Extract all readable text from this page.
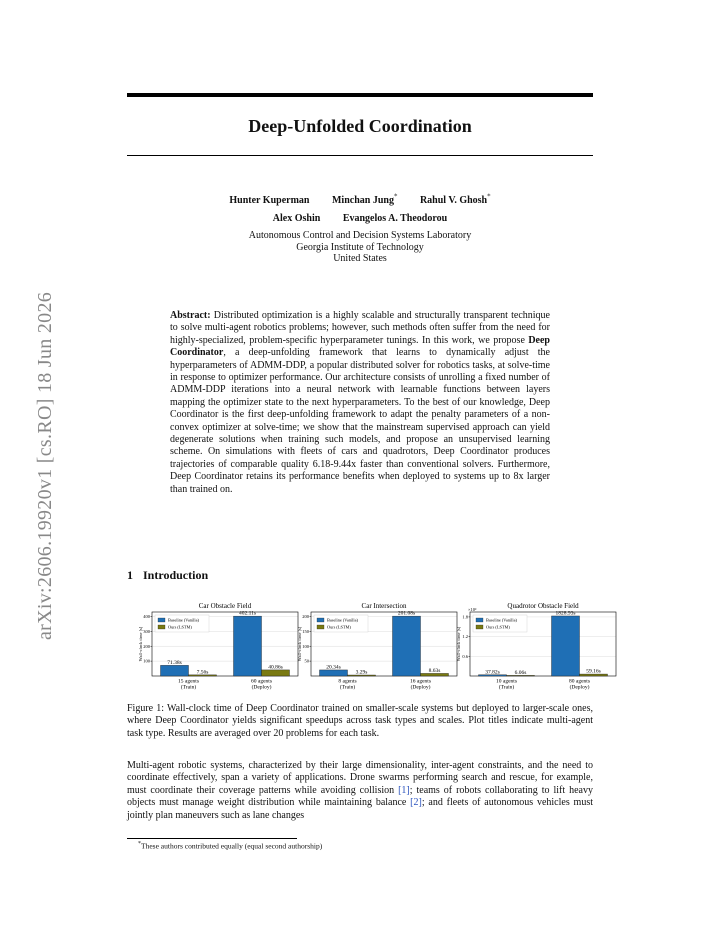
Deep-Unfolded Coordination
Hunter Kuperman Minchan Jung* Rahul V. Ghosh*
Alex Oshin Evangelos A. Theodorou
Autonomous Control and Decision Systems Laboratory
Georgia Institute of Technology
United States
arXiv:2606.19920v1 [cs.RO] 18 Jun 2026	Abstract: Distributed optimization is a highly scalable and structurally transparent technique to solve multi-agent robotics problems; however, such methods often suffer from the need for highly-specialized, problem-specific hyperparameter tunings. In this work, we propose Deep Coordinator, a deep-unfolding framework that learns to dynamically adjust the hyperparameters of ADMM-DDP, a popular distributed solver for robotics tasks, at solve-time in response to optimizer performance. Our architecture consists of unrolling a fixed number of ADMM-DDP iterations into a neural network with learnable functions between layers mapping the optimizer state to the next hyperparameters. To the best of our knowledge, Deep Coordinator is the first deep-unfolding framework to adapt the penalty parameters of a non-convex optimizer at solve-time; we show that the mainstream supervised approach can yield degenerate solutions when training such models, and propose an unsupervised learning scheme. On simulations with fleets of cars and quadrotors, Deep Coordinator produces trajectories of comparable quality 6.18-9.44x faster than conventional solvers. Furthermore, Deep Coordinator retains its performance benefits when deployed to systems up to 8x larger than trained on.
1 Introduction
Car Obstacle Field
Wall-clock time [s] 100
200
300
400
71.38s
7.56s
15 agents
(Train)
402.11s
40.86s
60 agents
(Deploy)
Baseline (Vanilla)
Ours (LSTM)
Car Intersection
Wall-clock time [s] 50
100
150
200
20.34s
3.29s
8 agents
(Train)
201.08s
8.63s
16 agents
(Deploy)
Baseline (Vanilla)
Ours (LSTM)
Quadrotor Obstacle Field
Wall-clock time [s]
×10³
0.6
1.2
1.8
37.82s	6.06s
10 agents
(Train)
1828.93s
59.16s
80 agents
(Deploy)
Baseline (Vanilla)
Ours (LSTM)
Figure 1: Wall-clock time of Deep Coordinator trained on smaller-scale systems but deployed to larger-scale ones, where Deep Coordinator yields significant speedups across task types and scales. Plot titles indicate multi-agent task type. Results are averaged over 20 problems for each task.
Multi-agent robotic systems, characterized by their large dimensionality, inter-agent constraints, and the need to coordinate effectively, span a variety of applications. Drone swarms performing search and rescue, for example, must coordinate their coverage patterns while avoiding collision [1]; teams of robots collaborating to lift heavy objects must manage weight distribution while maintaining balance [2]; and fleets of autonomous vehicles must jointly plan maneuvers such as lane changes
*These authors contributed equally (equal second authorship)
